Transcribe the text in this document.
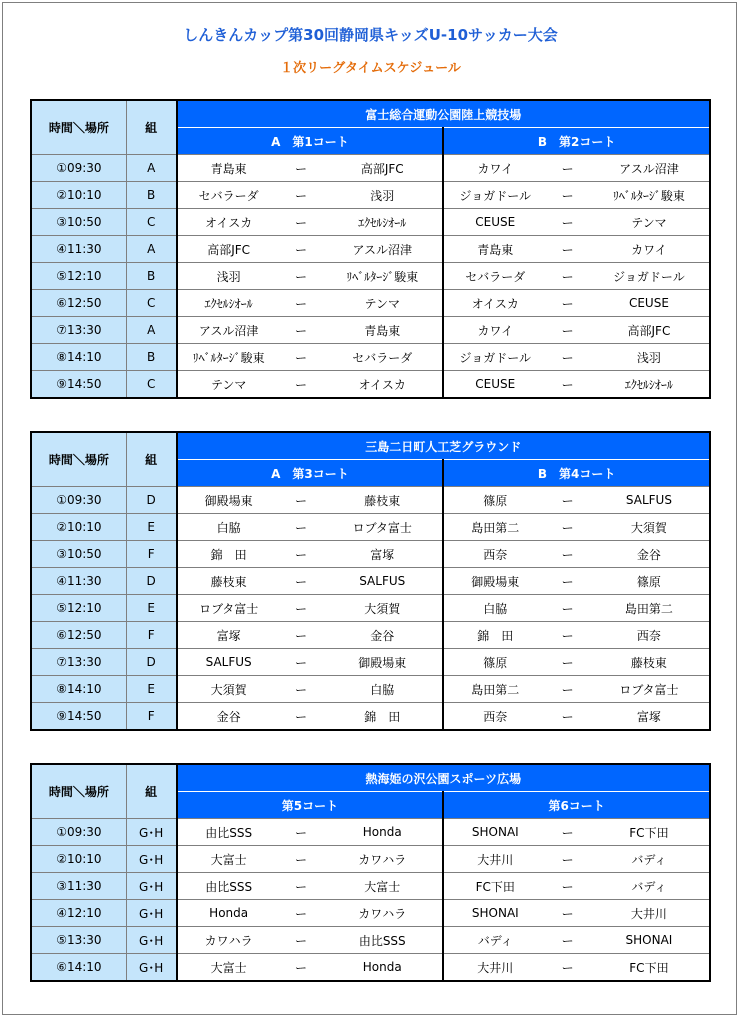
しんきんカップ第30回静岡県キッズU-10サッカー大会
１次リーグタイムスケジュール
時間＼場所	組	富士総合運動公園陸上競技場					
		A　第1コート			B　第2コート		
①09:30	A	青島東	ー	高部JFC	カワイ	ー	アスル沼津
②10:10	B	セバラーダ	ー	浅羽	ジョガドール	ー	ﾘﾍﾞﾙﾀｰｼﾞ駿東
③10:50	C	オイスカ	ー	ｴｸｾﾙｼｵｰﾙ	CEUSE	ー	テンマ
④11:30	A	高部JFC	ー	アスル沼津	青島東	ー	カワイ
⑤12:10	B	浅羽	ー	ﾘﾍﾞﾙﾀｰｼﾞ駿東	セバラーダ	ー	ジョガドール
⑥12:50	C	ｴｸｾﾙｼｵｰﾙ	ー	テンマ	オイスカ	ー	CEUSE
⑦13:30	A	アスル沼津	ー	青島東	カワイ	ー	高部JFC
⑧14:10	B	ﾘﾍﾞﾙﾀｰｼﾞ駿東	ー	セバラーダ	ジョガドール	ー	浅羽
⑨14:50	C	テンマ	ー	オイスカ	CEUSE	ー	ｴｸｾﾙｼｵｰﾙ
時間＼場所	組	三島二日町人工芝グラウンド					
		A　第3コート			B　第4コート		
①09:30	D	御殿場東	ー	藤枝東	篠原	ー	SALFUS
②10:10	E	白脇	ー	ロブタ富士	島田第二	ー	大須賀
③10:50	F	錦　田	ー	富塚	西奈	ー	金谷
④11:30	D	藤枝東	ー	SALFUS	御殿場東	ー	篠原
⑤12:10	E	ロブタ富士	ー	大須賀	白脇	ー	島田第二
⑥12:50	F	富塚	ー	金谷	錦　田	ー	西奈
⑦13:30	D	SALFUS	ー	御殿場東	篠原	ー	藤枝東
⑧14:10	E	大須賀	ー	白脇	島田第二	ー	ロブタ富士
⑨14:50	F	金谷	ー	錦　田	西奈	ー	富塚
時間＼場所	組	熱海姫の沢公園スポーツ広場					
		第5コート			第6コート		
①09:30	G･H	由比SSS	ー	Honda	SHONAI	ー	FC下田
②10:10	G･H	大富士	ー	カワハラ	大井川	ー	バディ
③11:30	G･H	由比SSS	ー	大富士	FC下田	ー	バディ
④12:10	G･H	Honda	ー	カワハラ	SHONAI	ー	大井川
⑤13:30	G･H	カワハラ	ー	由比SSS	バディ	ー	SHONAI
⑥14:10	G･H	大富士	ー	Honda	大井川	ー	FC下田
